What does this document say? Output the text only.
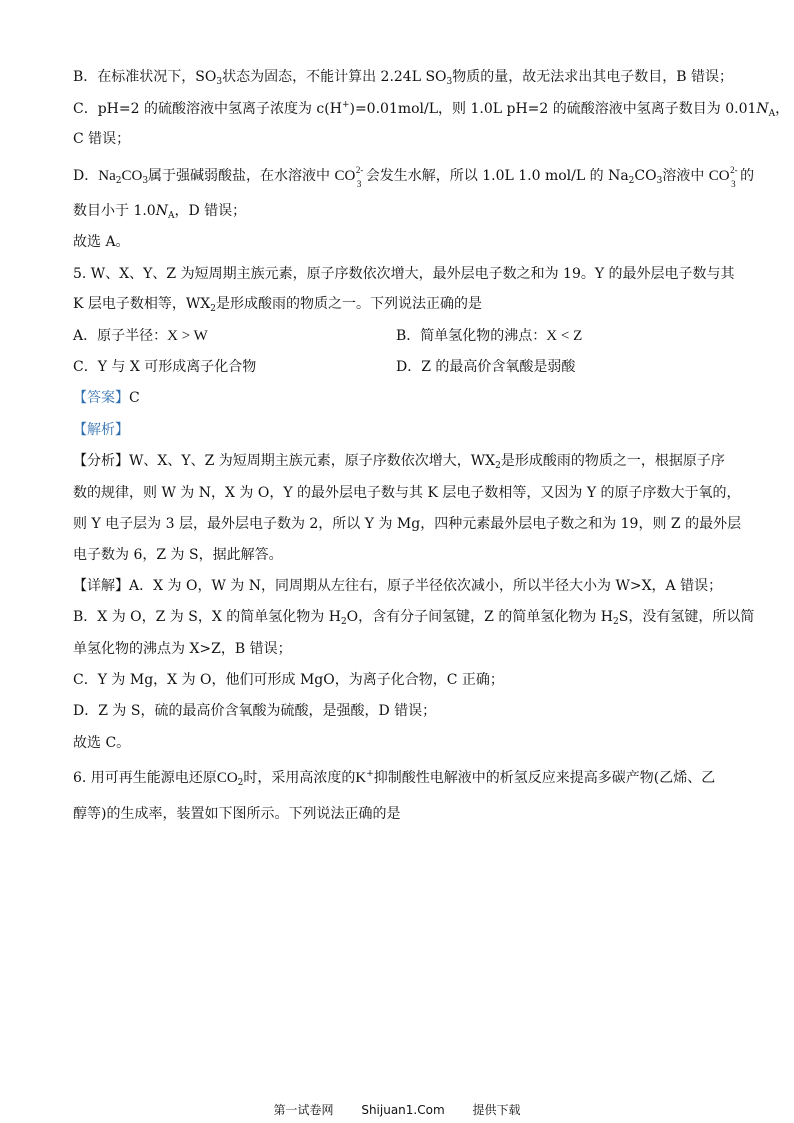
B．在标准状况下，$SO_3$状态为固态，不能计算出 2.24L $SO_3$物质的量，故无法求出其电子数目，B 错误；
C．pH=2 的硫酸溶液中氢离子浓度为 c(H+)=0.01mol/L，则 1.0L pH=2 的硫酸溶液中氢离子数目为 $0.01N_A$，
C 错误；
D．$Na_2CO_3$属于强碱弱酸盐，在水溶液中 CO 3
2-
会发生水解，所以 1.0L 1.0 mol/L 的 $Na_2CO_3$溶液中 CO 3
2-
的
数目小于 $1.0N_A$，D 错误；
故选 A。
5. W、X、Y、Z 为短周期主族元素，原子序数依次增大，最外层电子数之和为 19。Y 的最外层电子数与其
K 层电子数相等，$WX_2$是形成酸雨的物质之一。下列说法正确的是
A．原子半径：X > W	B．简单氢化物的沸点：X < Z
C．Y 与 X 可形成离子化合物	D．Z 的最高价含氧酸是弱酸
【答案】C
【解析】
【分析】W、X、Y、Z 为短周期主族元素，原子序数依次增大，$WX_2$是形成酸雨的物质之一，根据原子序
数的规律，则 W 为 N，X 为 O，Y 的最外层电子数与其 K 层电子数相等，又因为 Y 的原子序数大于氧的，
则 Y 电子层为 3 层，最外层电子数为 2，所以 Y 为 Mg，四种元素最外层电子数之和为 19，则 Z 的最外层
电子数为 6，Z 为 S，据此解答。
【详解】A．X 为 O，W 为 N，同周期从左往右，原子半径依次减小，所以半径大小为 W>X，A 错误；
B．X 为 O，Z 为 S，X 的简单氢化物为 $H_2O$，含有分子间氢键，Z 的简单氢化物为 $H_2S$，没有氢键，所以简
单氢化物的沸点为 X>Z，B 错误；
C．Y 为 Mg，X 为 O，他们可形成 MgO，为离子化合物，C 正确；
D．Z 为 S，硫的最高价含氧酸为硫酸，是强酸，D 错误；
故选 C。
6. 用可再生能源电还原$CO_2$时，采用高浓度的K+抑制酸性电解液中的析氢反应来提高多碳产物(乙烯、乙
醇等)的生成率，装置如下图所示。下列说法正确的是
第一试卷网 Shijuan1.Com 提供下载
